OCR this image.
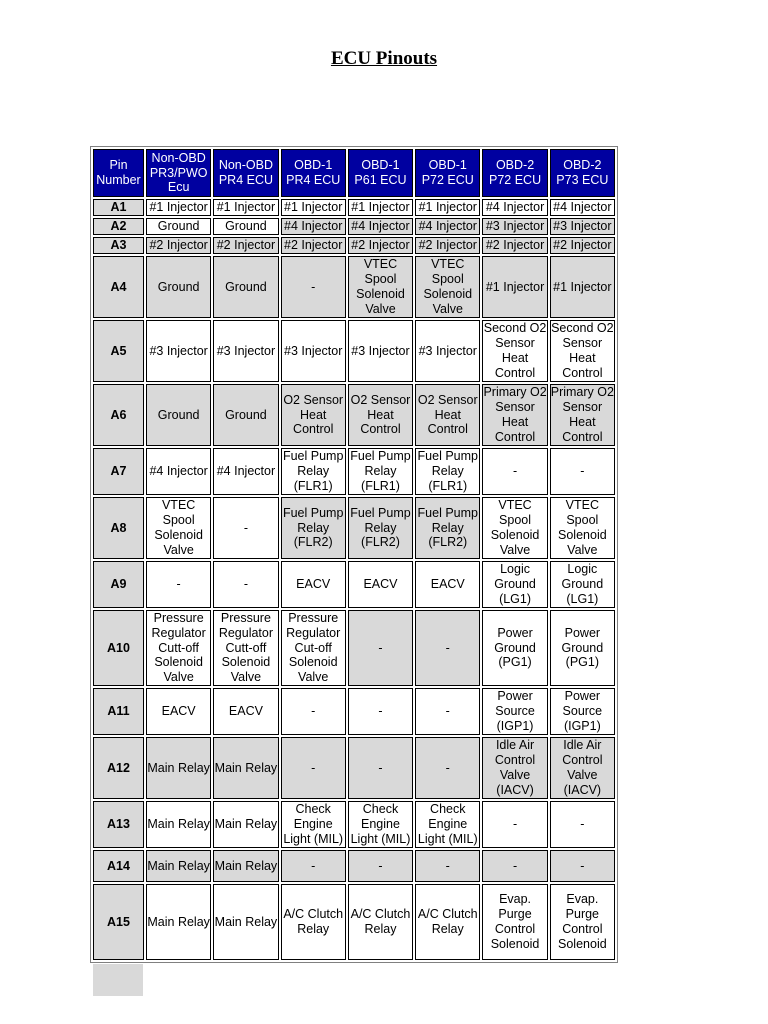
ECU Pinouts
Pin Number	Non-OBD PR3/PWO Ecu	Non-OBD PR4 ECU	OBD-1 PR4 ECU	OBD-1 P61 ECU	OBD-1 P72 ECU	OBD-2 P72 ECU	OBD-2 P73 ECU
A1	#1 Injector	#1 Injector	#1 Injector	#1 Injector	#1 Injector	#4 Injector	#4 Injector
A2	Ground	Ground	#4 Injector	#4 Injector	#4 Injector	#3 Injector	#3 Injector
A3	#2 Injector	#2 Injector	#2 Injector	#2 Injector	#2 Injector	#2 Injector	#2 Injector
A4	Ground	Ground	-	VTEC Spool Solenoid Valve	VTEC Spool Solenoid Valve	#1 Injector	#1 Injector
A5	#3 Injector	#3 Injector	#3 Injector	#3 Injector	#3 Injector	Second O2 Sensor Heat Control	Second O2 Sensor Heat Control
A6	Ground	Ground	O2 Sensor Heat Control	O2 Sensor Heat Control	O2 Sensor Heat Control	Primary O2 Sensor Heat Control	Primary O2 Sensor Heat Control
A7	#4 Injector	#4 Injector	Fuel Pump Relay (FLR1)	Fuel Pump Relay (FLR1)	Fuel Pump Relay (FLR1)	-	-
A8	VTEC Spool Solenoid Valve	-	Fuel Pump Relay (FLR2)	Fuel Pump Relay (FLR2)	Fuel Pump Relay (FLR2)	VTEC Spool Solenoid Valve	VTEC Spool Solenoid Valve
A9	-	-	EACV	EACV	EACV	Logic Ground (LG1)	Logic Ground (LG1)
A10	Pressure Regulator Cutt-off Solenoid Valve	Pressure Regulator Cutt-off Solenoid Valve	Pressure Regulator Cut-off Solenoid Valve	-	-	Power Ground (PG1)	Power Ground (PG1)
A11	EACV	EACV	-	-	-	Power Source (IGP1)	Power Source (IGP1)
A12	Main Relay	Main Relay	-	-	-	Idle Air Control Valve (IACV)	Idle Air Control Valve (IACV)
A13	Main Relay	Main Relay	Check Engine Light (MIL)	Check Engine Light (MIL)	Check Engine Light (MIL)	-	-
A14	Main Relay	Main Relay	-	-	-	-	-
A15	Main Relay	Main Relay	A/C Clutch Relay	A/C Clutch Relay	A/C Clutch Relay	Evap. Purge Control Solenoid	Evap. Purge Control Solenoid
